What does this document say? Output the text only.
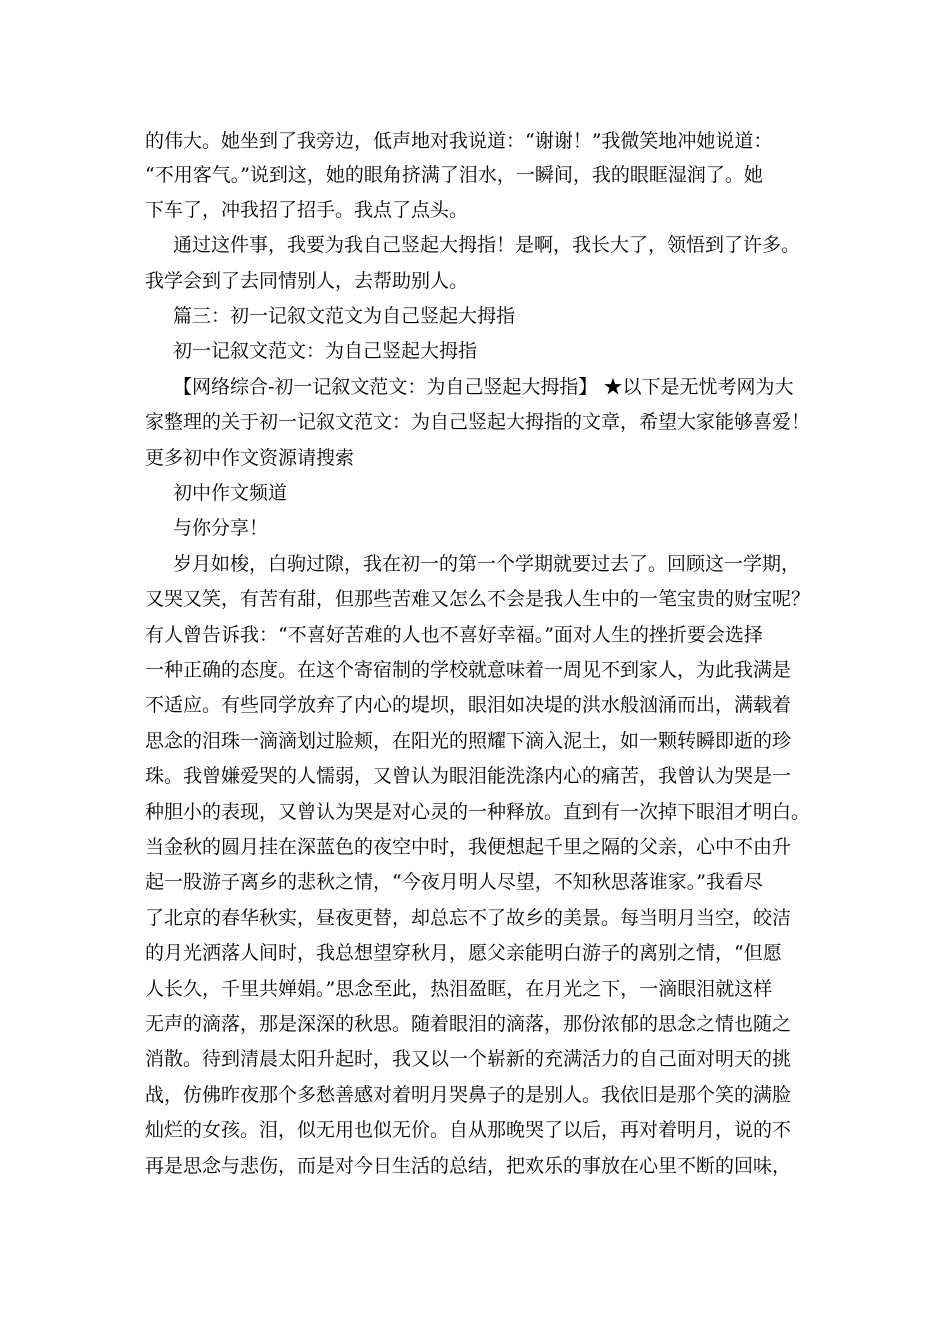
的伟大。她坐到了我旁边，低声地对我说道：“谢谢！”我微笑地冲她说道：
“不用客气。”说到这，她的眼角挤满了泪水，一瞬间，我的眼眶湿润了。她
下车了，冲我招了招手。我点了点头。
通过这件事，我要为我自己竖起大拇指！是啊，我长大了，领悟到了许多。
我学会到了去同情别人，去帮助别人。
篇三：初一记叙文范文为自己竖起大拇指
初一记叙文范文：为自己竖起大拇指
【网络综合-初一记叙文范文：为自己竖起大拇指】 ★以下是无忧考网为大
家整理的关于初一记叙文范文：为自己竖起大拇指的文章，希望大家能够喜爱！
更多初中作文资源请搜索
初中作文频道
与你分享！
岁月如梭，白驹过隙，我在初一的第一个学期就要过去了。回顾这一学期，
又哭又笑，有苦有甜，但那些苦难又怎么不会是我人生中的一笔宝贵的财宝呢？
有人曾告诉我：“不喜好苦难的人也不喜好幸福。”面对人生的挫折要会选择
一种正确的态度。在这个寄宿制的学校就意味着一周见不到家人，为此我满是
不适应。有些同学放弃了内心的堤坝，眼泪如决堤的洪水般汹涌而出，满载着
思念的泪珠一滴滴划过脸颊，在阳光的照耀下滴入泥土，如一颗转瞬即逝的珍
珠。我曾嫌爱哭的人懦弱，又曾认为眼泪能洗涤内心的痛苦，我曾认为哭是一
种胆小的表现，又曾认为哭是对心灵的一种释放。直到有一次掉下眼泪才明白。
当金秋的圆月挂在深蓝色的夜空中时，我便想起千里之隔的父亲，心中不由升
起一股游子离乡的悲秋之情，“今夜月明人尽望，不知秋思落谁家。”我看尽
了北京的春华秋实，昼夜更替，却总忘不了故乡的美景。每当明月当空，皎洁
的月光洒落人间时，我总想望穿秋月，愿父亲能明白游子的离别之情，“但愿
人长久，千里共婵娟。”思念至此，热泪盈眶，在月光之下，一滴眼泪就这样
无声的滴落，那是深深的秋思。随着眼泪的滴落，那份浓郁的思念之情也随之
消散。待到清晨太阳升起时，我又以一个崭新的充满活力的自己面对明天的挑
战，仿佛昨夜那个多愁善感对着明月哭鼻子的是别人。我依旧是那个笑的满脸
灿烂的女孩。泪，似无用也似无价。自从那晚哭了以后，再对着明月，说的不
再是思念与悲伤，而是对今日生活的总结，把欢乐的事放在心里不断的回味，
